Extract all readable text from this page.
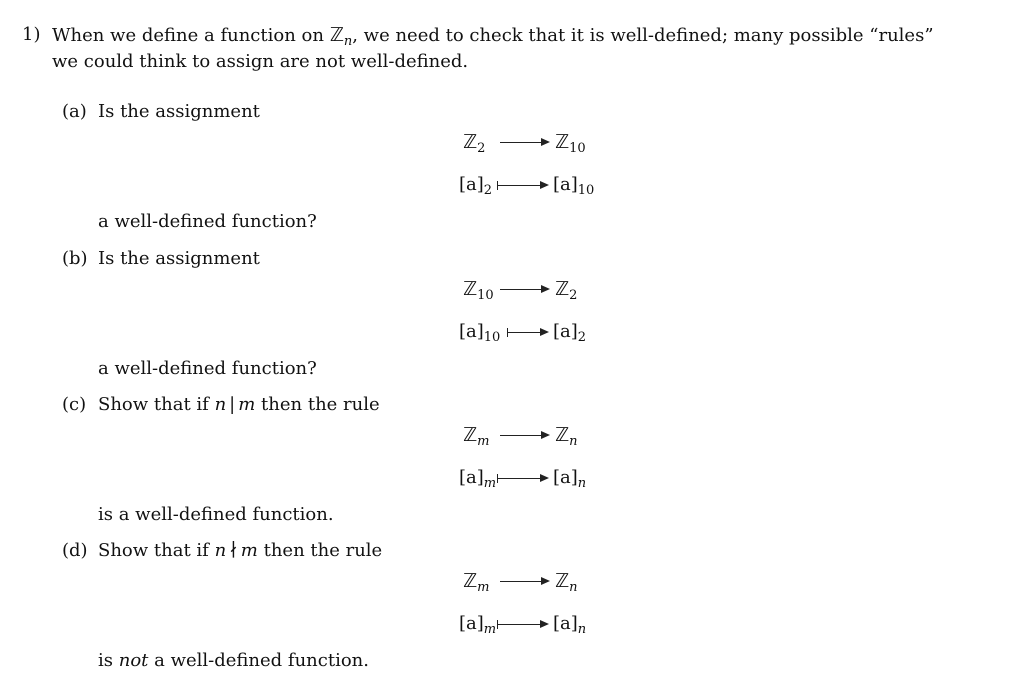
1) When we define a function on ℤ$_n$, we need to check that it is well-defined; many possible “rules”
we could think to assign are not well-defined.
(a) Is the assignment
ℤ$_2$	ℤ$_{10}$
$[a]_2$	$[a]_{10}$
a well-defined function?
(b) Is the assignment
ℤ$_{10}$	ℤ$_2$
$[a]_{10}$	$[a]_2$
a well-defined function?
(c) Show that if n | m then the rule
ℤ$_m$	ℤ$_n$
$[a]_m$	$[a]_n$
is a well-defined function.
(d) Show that if n ∤ m then the rule
ℤ$_m$	ℤ$_n$
$[a]_m$	$[a]_n$
is not a well-defined function.
